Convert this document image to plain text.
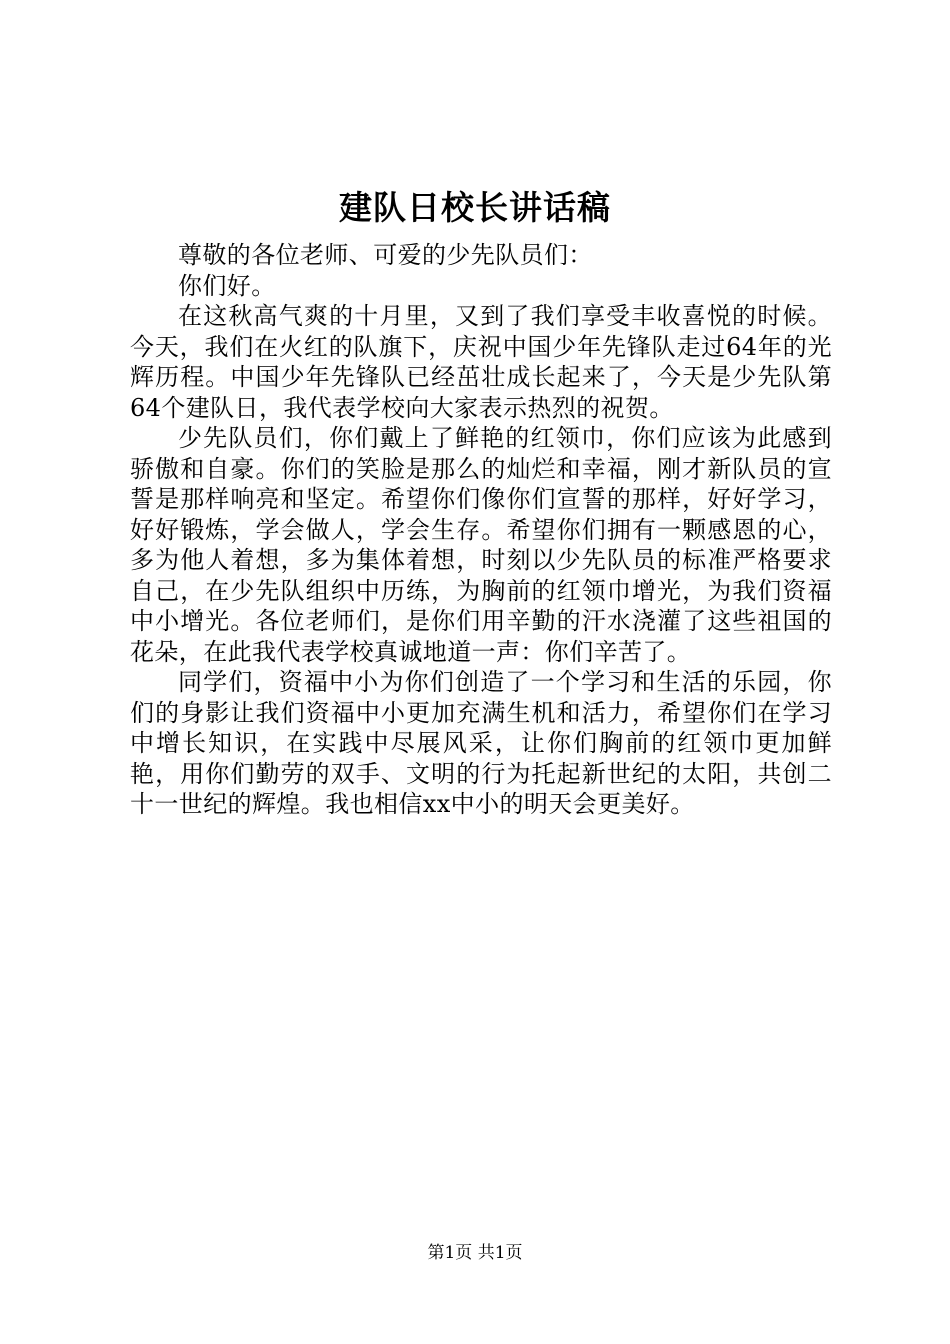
建队日校长讲话稿

尊敬的各位老师、可爱的少先队员们：

你们好。

在这秋高气爽的十月里，又到了我们享受丰收喜悦的时候。今天，我们在火红的队旗下，庆祝中国少年先锋队走过64年的光辉历程。中国少年先锋队已经茁壮成长起来了，今天是少先队第64个建队日，我代表学校向大家表示热烈的祝贺。

少先队员们，你们戴上了鲜艳的红领巾，你们应该为此感到骄傲和自豪。你们的笑脸是那么的灿烂和幸福，刚才新队员的宣誓是那样响亮和坚定。希望你们像你们宣誓的那样，好好学习，好好锻炼，学会做人，学会生存。希望你们拥有一颗感恩的心，多为他人着想，多为集体着想，时刻以少先队员的标准严格要求自己，在少先队组织中历练，为胸前的红领巾增光，为我们资福中小增光。各位老师们，是你们用辛勤的汗水浇灌了这些祖国的花朵，在此我代表学校真诚地道一声：你们辛苦了。

同学们，资福中小为你们创造了一个学习和生活的乐园，你们的身影让我们资福中小更加充满生机和活力，希望你们在学习中增长知识，在实践中尽展风采，让你们胸前的红领巾更加鲜艳，用你们勤劳的双手、文明的行为托起新世纪的太阳，共创二十一世纪的辉煌。我也相信xx中小的明天会更美好。

第1页 共1页
